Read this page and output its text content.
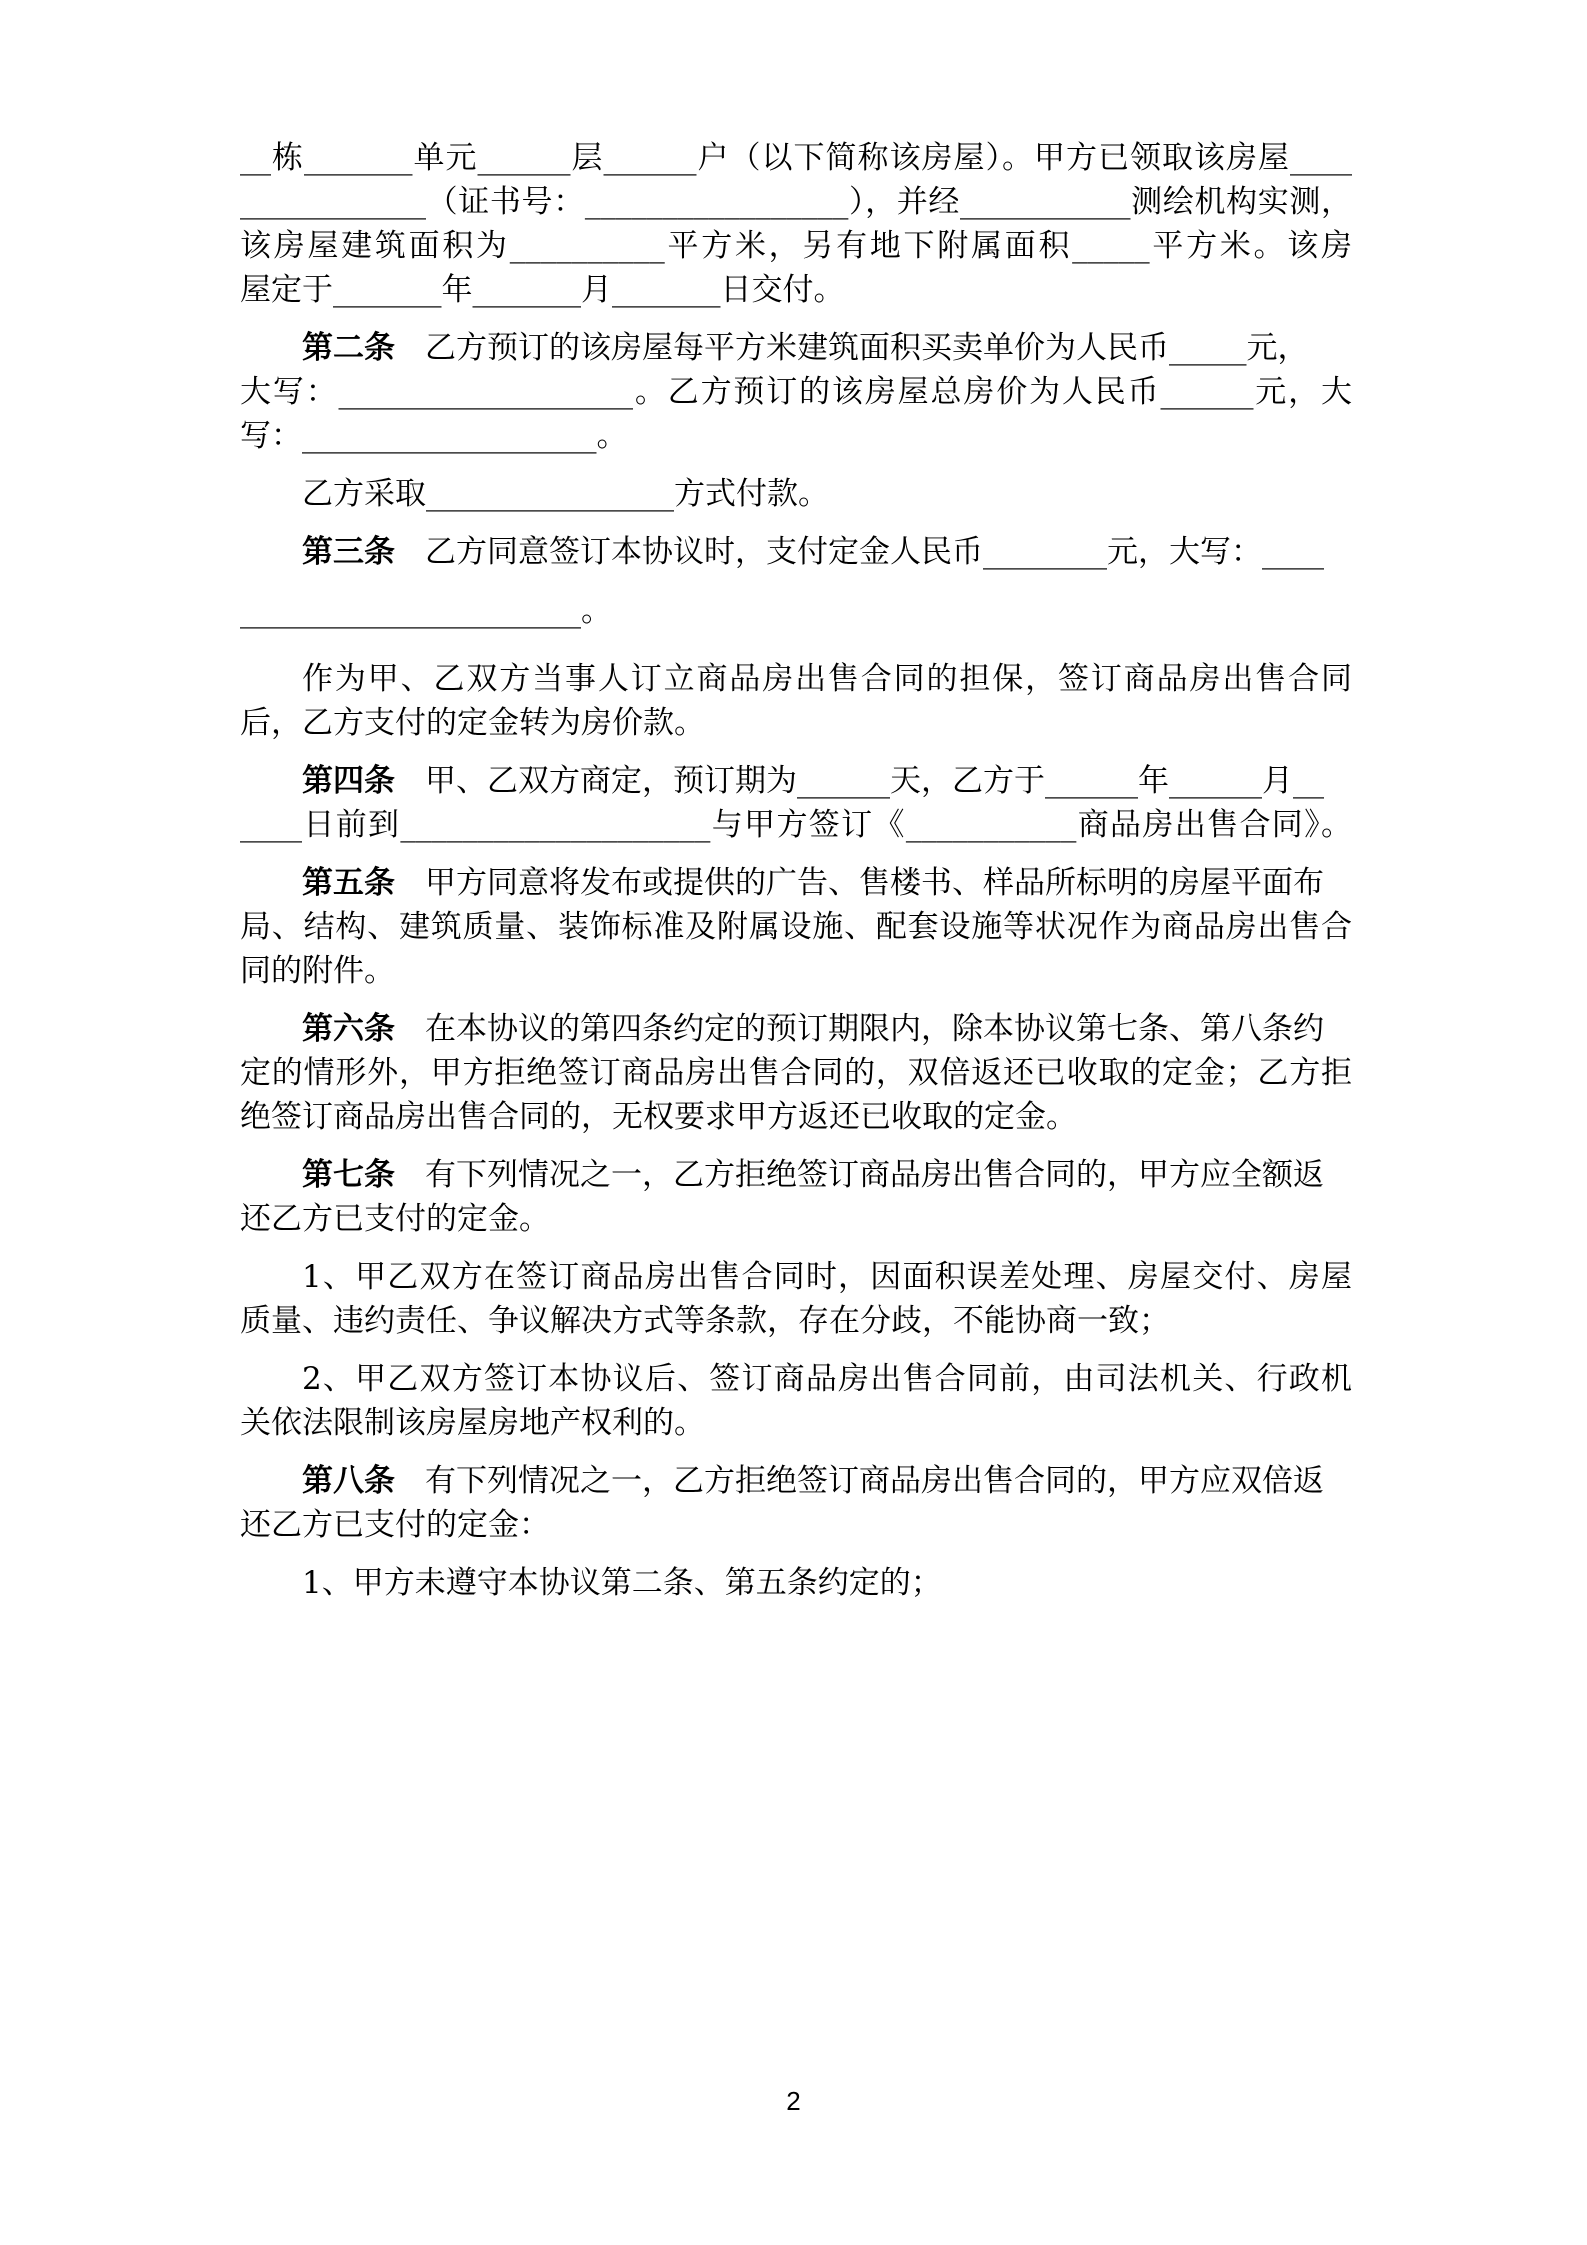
__栋_______单元______层______户（以下简称该房屋）。甲方已领取该房屋____
____________（证书号：_________________），并经___________测绘机构实测，
该房屋建筑面积为__________平方米，另有地下附属面积_____平方米。该房
屋定于_______年_______月_______日交付。
第二条 乙方预订的该房屋每平方米建筑面积买卖单价为人民币_____元，
大写：___________________。乙方预订的该房屋总房价为人民币______元，大
写：___________________。
乙方采取________________方式付款。
第三条 乙方同意签订本协议时，支付定金人民币________元，大写：____
______________________。
作为甲、乙双方当事人订立商品房出售合同的担保，签订商品房出售合同
后，乙方支付的定金转为房价款。
第四条 甲、乙双方商定，预订期为______天，乙方于______年______月__
____日前到____________________与甲方签订《___________商品房出售合同》。
第五条 甲方同意将发布或提供的广告、售楼书、样品所标明的房屋平面布
局、结构、建筑质量、装饰标准及附属设施、配套设施等状况作为商品房出售合
同的附件。
第六条 在本协议的第四条约定的预订期限内，除本协议第七条、第八条约
定的情形外，甲方拒绝签订商品房出售合同的，双倍返还已收取的定金；乙方拒
绝签订商品房出售合同的，无权要求甲方返还已收取的定金。
第七条 有下列情况之一，乙方拒绝签订商品房出售合同的，甲方应全额返
还乙方已支付的定金。
1、甲乙双方在签订商品房出售合同时，因面积误差处理、房屋交付、房屋
质量、违约责任、争议解决方式等条款，存在分歧，不能协商一致；
2、甲乙双方签订本协议后、签订商品房出售合同前，由司法机关、行政机
关依法限制该房屋房地产权利的。
第八条 有下列情况之一，乙方拒绝签订商品房出售合同的，甲方应双倍返
还乙方已支付的定金：
1、甲方未遵守本协议第二条、第五条约定的；
2
